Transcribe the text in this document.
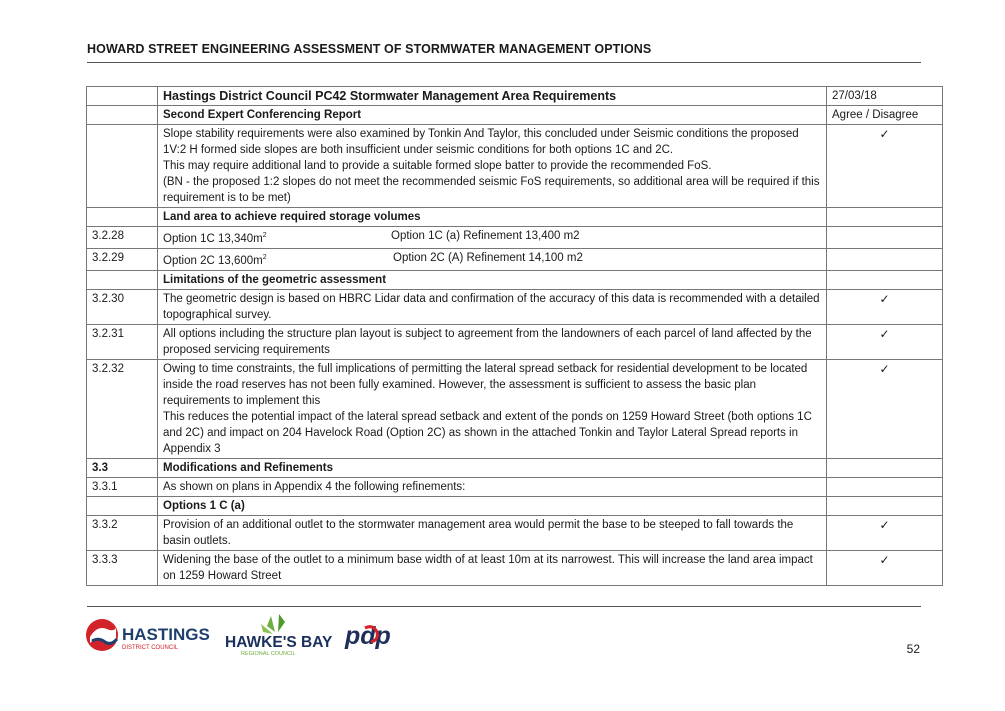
HOWARD STREET ENGINEERING ASSESSMENT OF STORMWATER MANAGEMENT OPTIONS
	Hastings District Council PC42 Stormwater Management Area Requirements	27/03/18
	Second Expert Conferencing Report	Agree / Disagree

	Slope stability requirements were also examined by Tonkin And Taylor, this concluded under Seismic conditions the proposed 1V:2 H formed side slopes are both insufficient under seismic conditions for both options 1C and 2C.
This may require additional land to provide a suitable formed slope batter to provide the recommended FoS.
(BN - the proposed 1:2 slopes do not meet the recommended seismic FoS requirements, so additional area will be required if this requirement is to be met)	✓
	Land area to achieve required storage volumes	
3.2.28	Option 1C $13,340m^2$ Option 1C (a) Refinement 13,400 m2	

3.2.29	Option 2C $13,600m^2$ Option 2C (A) Refinement 14,100 m2	

	Limitations of the geometric assessment	
3.2.30	The geometric design is based on HBRC Lidar data and confirmation of the accuracy of this data is recommended with a detailed topographical survey.	✓
3.2.31	All options including the structure plan layout is subject to agreement from the landowners of each parcel of land affected by the proposed servicing requirements	✓
3.2.32	Owing to time constraints, the full implications of permitting the lateral spread setback for residential development to be located inside the road reserves has not been fully examined. However, the assessment is sufficient to assess the basic plan requirements to implement this
This reduces the potential impact of the lateral spread setback and extent of the ponds on 1259 Howard Street (both options 1C and 2C) and impact on 204 Havelock Road (Option 2C) as shown in the attached Tonkin and Taylor Lateral Spread reports in Appendix 3	✓
3.3	Modifications and Refinements	
3.3.1	As shown on plans in Appendix 4 the following refinements:	
	Options 1 C (a)	
3.3.2	Provision of an additional outlet to the stormwater management area would permit the base to be steeped to fall towards the basin outlets.	✓
3.3.3	Widening the base of the outlet to a minimum base width of at least 10m at its narrowest. This will increase the land area impact on 1259 Howard Street	✓
HASTINGS
DISTRICT COUNCIL	HAWKE'S BAY
REGIONAL COUNCIL
pdp	52
